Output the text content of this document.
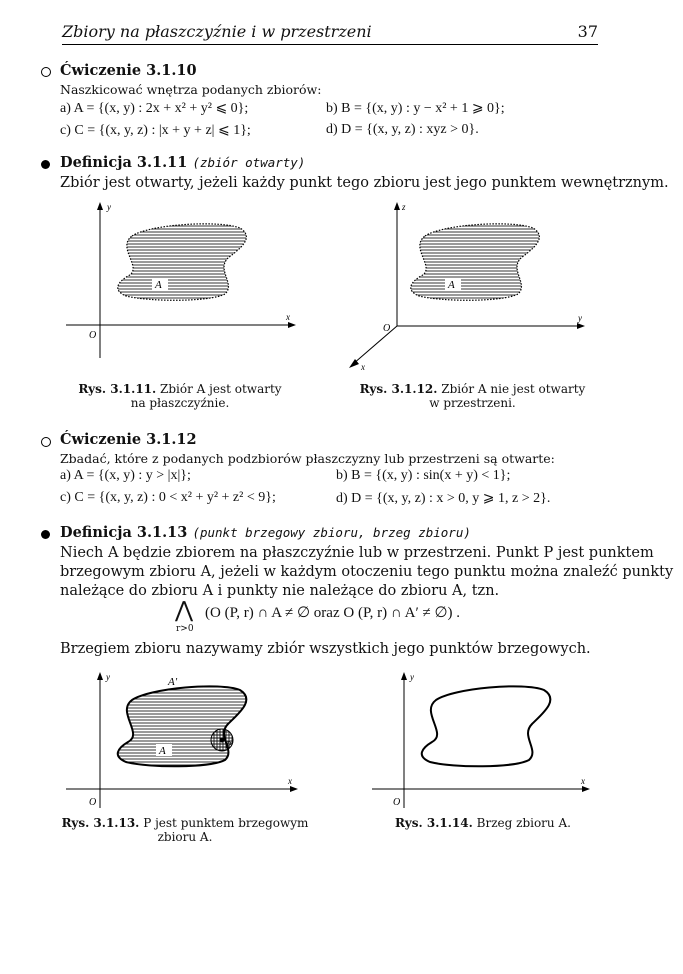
Zbiory na płaszczyźnie i w przestrzeni	37
Ćwiczenie 3.1.10
Naszkicować wnętrza podanych zbiorów:
a) A = {(x, y) : 2x + x² + y² ⩽ 0};	b) B = {(x, y) : y − x² + 1 ⩾ 0};
c) C = {(x, y, z) : |x + y + z| ⩽ 1};	d) D = {(x, y, z) : xyz > 0}.
Definicja 3.1.11 (zbiór otwarty)
Zbiór jest otwarty, jeżeli każdy punkt tego zbioru jest jego punktem wewnętrznym.
A
y
x
O
Rys. 3.1.11. Zbiór A jest otwarty
na płaszczyźnie.
A
z
y
x
O
Rys. 3.1.12. Zbiór A nie jest otwarty
w przestrzeni.
Ćwiczenie 3.1.12
Zbadać, które z podanych podzbiorów płaszczyzny lub przestrzeni są otwarte:
a) A = {(x, y) : y > |x|};	b) B = {(x, y) : sin(x + y) < 1};
c) C = {(x, y, z) : 0 < x² + y² + z² < 9};	d) D = {(x, y, z) : x > 0, y ⩾ 1, z > 2}.
Definicja 3.1.13 (punkt brzegowy zbioru, brzeg zbioru)
Niech A będzie zbiorem na płaszczyźnie lub w przestrzeni. Punkt P jest punktem
brzegowym zbioru A, jeżeli w każdym otoczeniu tego punktu można znaleźć punkty
należące do zbioru A i punkty nie należące do zbioru A, tzn.
⋀
r>0
(O (P, r) ∩ A ≠ ∅ oraz O (P, r) ∩ A′ ≠ ∅) .
Brzegiem zbioru nazywamy zbiór wszystkich jego punktów brzegowych.
A
A′
P
y
x
O
Rys. 3.1.13. P jest punktem brzegowym
zbioru A.
y
x
O
Rys. 3.1.14. Brzeg zbioru A.
